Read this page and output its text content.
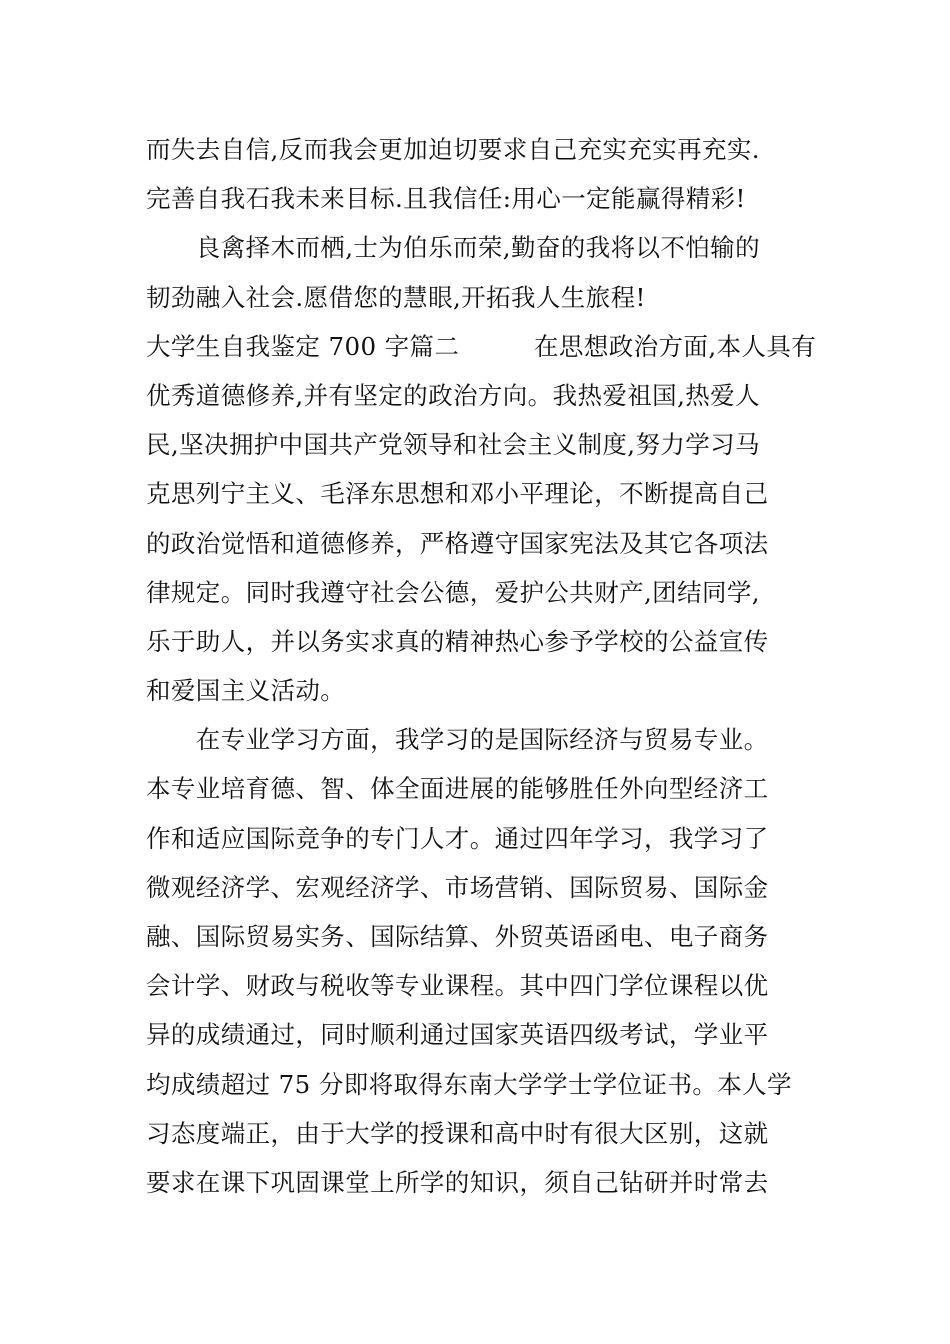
而失去自信,反而我会更加迫切要求自己充实充实再充实.
完善自我石我未来目标.且我信任:用心一定能赢得精彩!
　　良禽择木而栖,士为伯乐而荣,勤奋的我将以不怕输的
韧劲融入社会.愿借您的慧眼,开拓我人生旅程!
大学生自我鉴定 700 字篇二　　　在思想政治方面,本人具有
优秀道德修养,并有坚定的政治方向。我热爱祖国,热爱人
民,坚决拥护中国共产党领导和社会主义制度,努力学习马
克思列宁主义、毛泽东思想和邓小平理论，不断提高自己
的政治觉悟和道德修养，严格遵守国家宪法及其它各项法
律规定。同时我遵守社会公德，爱护公共财产,团结同学,
乐于助人，并以务实求真的精神热心参予学校的公益宣传
和爱国主义活动。
　　在专业学习方面，我学习的是国际经济与贸易专业。
本专业培育德、智、体全面进展的能够胜任外向型经济工
作和适应国际竞争的专门人才。通过四年学习，我学习了
微观经济学、宏观经济学、市场营销、国际贸易、国际金
融、国际贸易实务、国际结算、外贸英语函电、电子商务
会计学、财政与税收等专业课程。其中四门学位课程以优
异的成绩通过，同时顺利通过国家英语四级考试，学业平
均成绩超过 75 分即将取得东南大学学士学位证书。本人学
习态度端正，由于大学的授课和高中时有很大区别，这就
要求在课下巩固课堂上所学的知识，须自己钻研并时常去
